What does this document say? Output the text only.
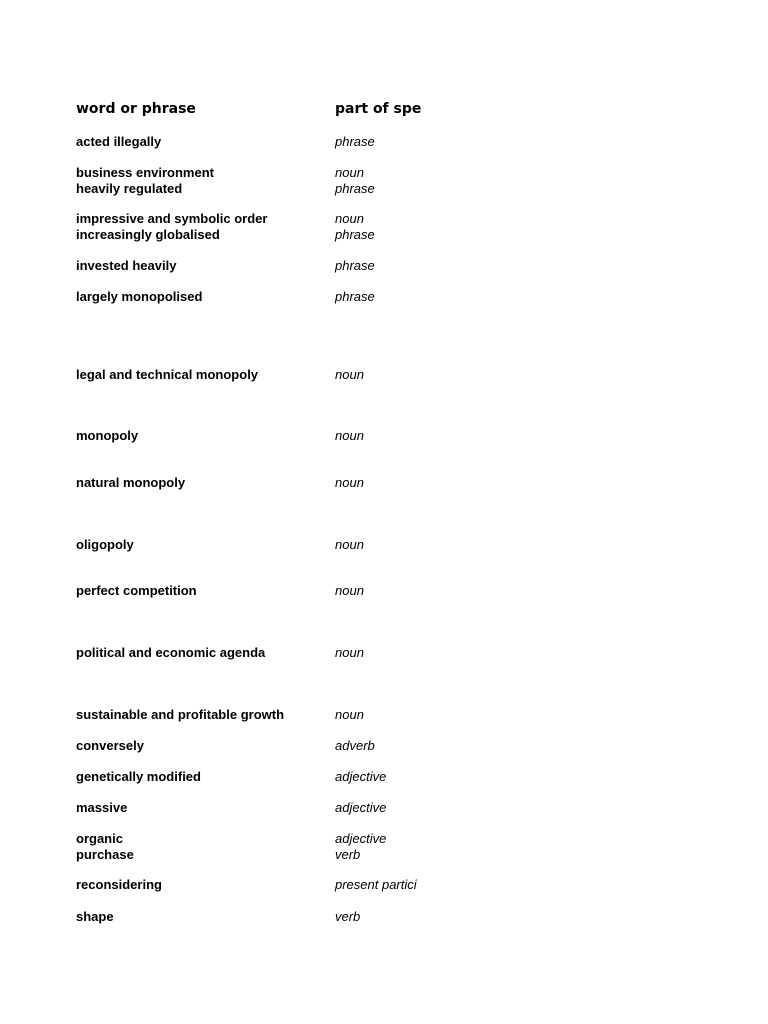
word or phrase	part of spe
acted illegally	phrase
business environment	noun
heavily regulated	phrase
impressive and symbolic order	noun
increasingly globalised	phrase
invested heavily	phrase
largely monopolised	phrase
legal and technical monopoly	noun
monopoly	noun
natural monopoly	noun
oligopoly	noun
perfect competition	noun
political and economic agenda	noun
sustainable and profitable growth	noun
conversely	adverb
genetically modified	adjective
massive	adjective
organic	adjective
purchase	verb
reconsidering	present partici
shape	verb
